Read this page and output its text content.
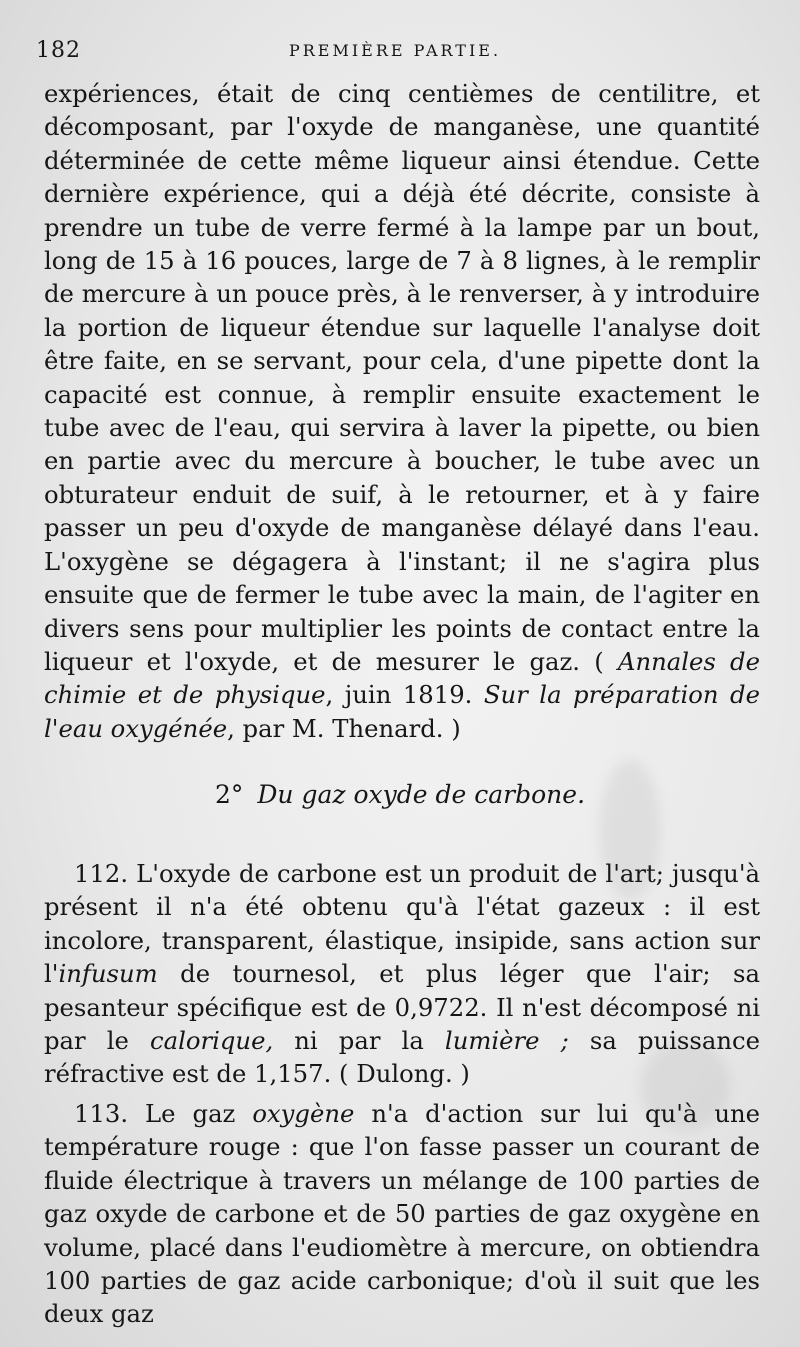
182	PREMIÈRE PARTIE.

expériences, était de cinq centièmes de centilitre, et décomposant, par l'oxyde de manganèse, une quantité déterminée de cette même liqueur ainsi étendue. Cette dernière expérience, qui a déjà été décrite, consiste à prendre un tube de verre fermé à la lampe par un bout, long de 15 à 16 pouces, large de 7 à 8 lignes, à le remplir de mercure à un pouce près, à le renverser, à y introduire la portion de liqueur étendue sur laquelle l'analyse doit être faite, en se servant, pour cela, d'une pipette dont la capacité est connue, à remplir ensuite exactement le tube avec de l'eau, qui servira à laver la pipette, ou bien en partie avec du mercure à boucher, le tube avec un obturateur enduit de suif, à le retourner, et à y faire passer un peu d'oxyde de manganèse délayé dans l'eau. L'oxygène se dégagera à l'instant; il ne s'agira plus ensuite que de fermer le tube avec la main, de l'agiter en divers sens pour multiplier les points de contact entre la liqueur et l'oxyde, et de mesurer le gaz. ( Annales de chimie et de physique, juin 1819. Sur la préparation de l'eau oxygénée, par M. Thenard. )

2° Du gaz oxyde de carbone.

112. L'oxyde de carbone est un produit de l'art; jusqu'à présent il n'a été obtenu qu'à l'état gazeux : il est incolore, transparent, élastique, insipide, sans action sur l'infusum de tournesol, et plus léger que l'air; sa pesanteur spécifique est de 0,9722. Il n'est décomposé ni par le calorique, ni par la lumière ; sa puissance réfractive est de 1,157. ( Dulong. )

113. Le gaz oxygène n'a d'action sur lui qu'à une température rouge : que l'on fasse passer un courant de fluide électrique à travers un mélange de 100 parties de gaz oxyde de carbone et de 50 parties de gaz oxygène en volume, placé dans l'eudiomètre à mercure, on obtiendra 100 parties de gaz acide carbonique; d'où il suit que les deux gaz
